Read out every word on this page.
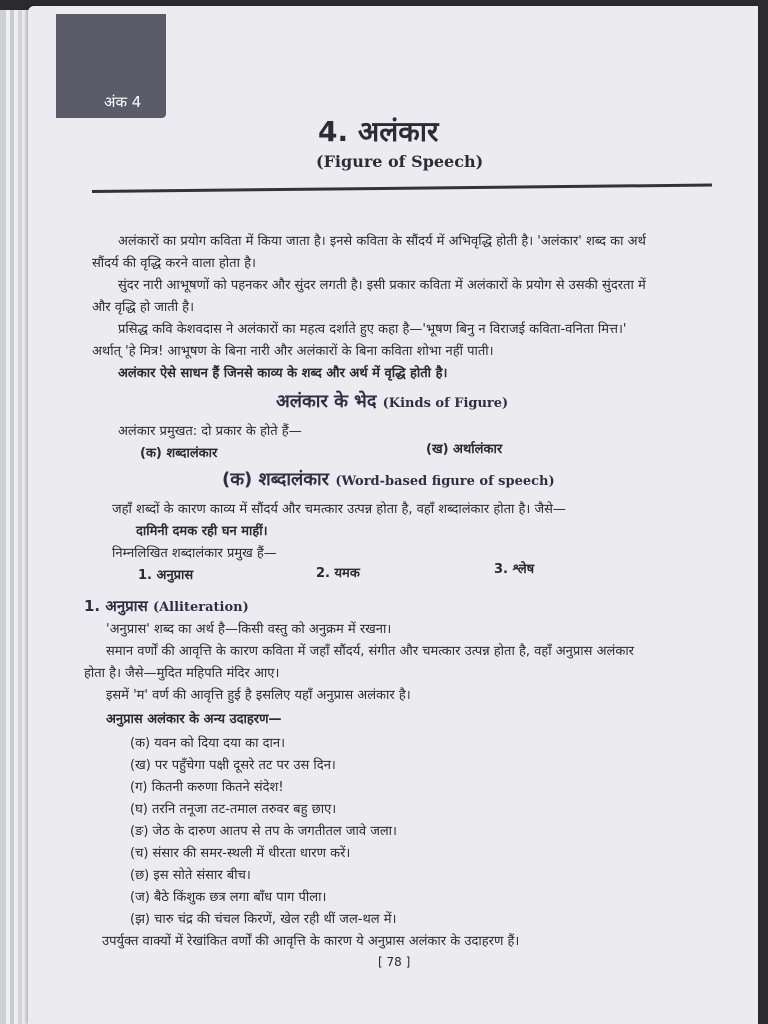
अंक 4
4. अलंकार
(Figure of Speech)
अलंकारों का प्रयोग कविता में किया जाता है। इनसे कविता के सौंदर्य में अभिवृद्धि होती है। 'अलंकार' शब्द का अर्थ
सौंदर्य की वृद्धि करने वाला होता है।
सुंदर नारी आभूषणों को पहनकर और सुंदर लगती है। इसी प्रकार कविता में अलंकारों के प्रयोग से उसकी सुंदरता में
और वृद्धि हो जाती है।
प्रसिद्ध कवि केशवदास ने अलंकारों का महत्व दर्शाते हुए कहा है—'भूषण बिनु न विराजई कविता-वनिता मित्त।'
अर्थात् 'हे मित्र! आभूषण के बिना नारी और अलंकारों के बिना कविता शोभा नहीं पाती।
अलंकार ऐसे साधन हैं जिनसे काव्य के शब्द और अर्थ में वृद्धि होती है।
अलंकार के भेद (Kinds of Figure)
अलंकार प्रमुखत: दो प्रकार के होते हैं—
(क) शब्दालंकार	(ख) अर्थालंकार
(क) शब्दालंकार (Word-based figure of speech)
जहाँ शब्दों के कारण काव्य में सौंदर्य और चमत्कार उत्पन्न होता है, वहाँ शब्दालंकार होता है। जैसे—
दामिनी दमक रही घन माहीं।
निम्नलिखित शब्दालंकार प्रमुख हैं—
1. अनुप्रास	2. यमक	3. श्लेष
1. अनुप्रास (Alliteration)
'अनुप्रास' शब्द का अर्थ है—किसी वस्तु को अनुक्रम में रखना।
समान वर्णों की आवृत्ति के कारण कविता में जहाँ सौंदर्य, संगीत और चमत्कार उत्पन्न होता है, वहाँ अनुप्रास अलंकार
होता है। जैसे—मुदित महिपति मंदिर आए।
इसमें 'म' वर्ण की आवृत्ति हुई है इसलिए यहाँ अनुप्रास अलंकार है।
अनुप्रास अलंकार के अन्य उदाहरण—
(क) यवन को दिया दया का दान।
(ख) पर पहुँचेगा पक्षी दूसरे तट पर उस दिन।
(ग) कितनी करुणा कितने संदेश!
(घ) तरनि तनूजा तट-तमाल तरुवर बहु छाए।
(ङ) जेठ के दारुण आतप से तप के जगतीतल जावे जला।
(च) संसार की समर-स्थली में धीरता धारण करें।
(छ) इस सोते संसार बीच।
(ज) बैठे किंशुक छत्र लगा बाँध पाग पीला।
(झ) चारु चंद्र की चंचल किरणें, खेल रही थीं जल-थल में।
उपर्युक्त वाक्यों में रेखांकित वर्णों की आवृत्ति के कारण ये अनुप्रास अलंकार के उदाहरण हैं।
[ 78 ]
